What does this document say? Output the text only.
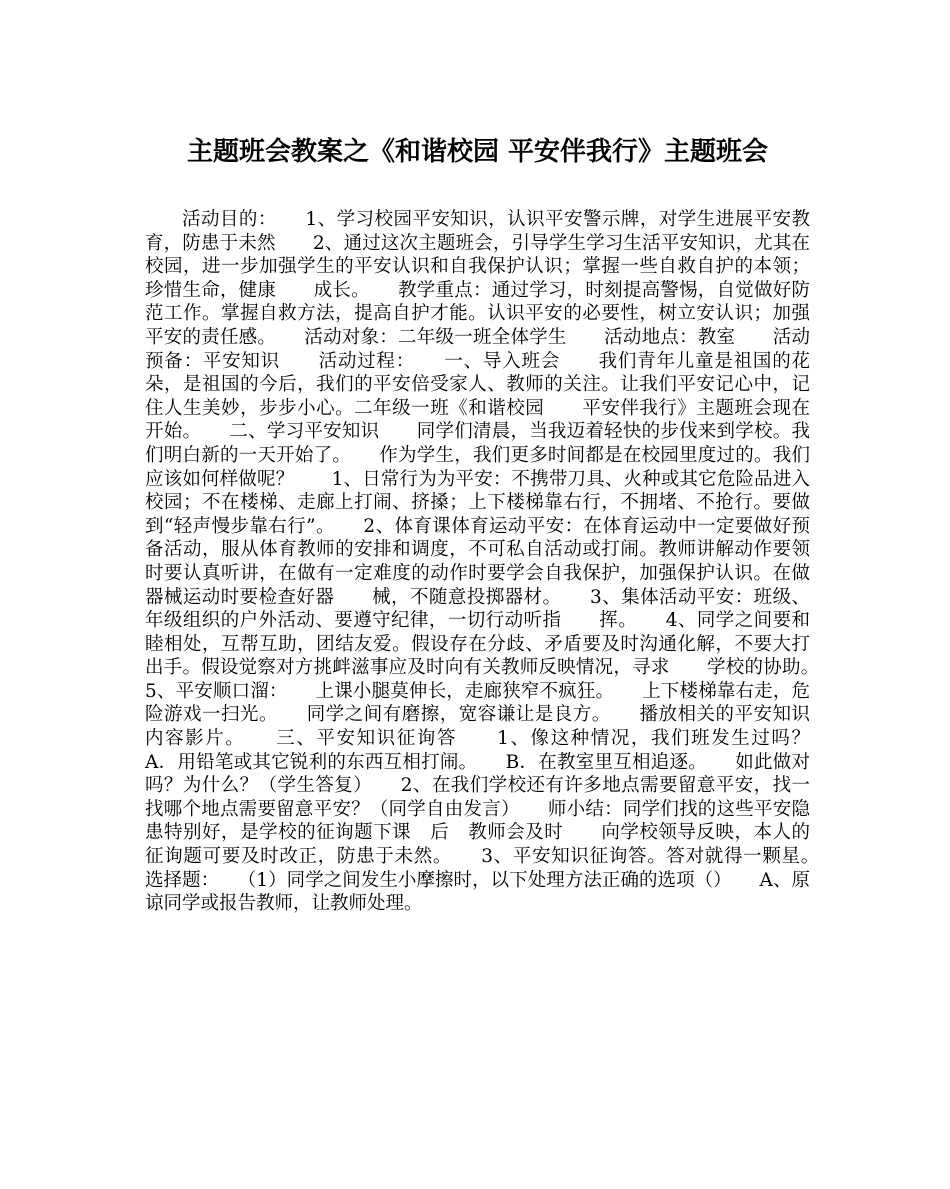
主题班会教案之《和谐校园 平安伴我行》主题班会

活动目的：　　1、学习校园平安知识，认识平安警示牌，对学生进展平安教育，防患于未然　　2、通过这次主题班会，引导学生学习生活平安知识，尤其在校园，进一步加强学生的平安认识和自我保护认识；掌握一些自救自护的本领；珍惜生命，健康　　成长。　　教学重点：通过学习，时刻提高警惕，自觉做好防范工作。掌握自救方法，提高自护才能。认识平安的必要性，树立安认识；加强平安的责任感。　　活动对象：二年级一班全体学生　　活动地点：教室　　活动预备：平安知识　　活动过程：　　一、导入班会　　我们青年儿童是祖国的花朵，是祖国的今后，我们的平安倍受家人、教师的关注。让我们平安记心中，记住人生美妙，步步小心。二年级一班《和谐校园　　平安伴我行》主题班会现在开始。　　二、学习平安知识　　同学们清晨，当我迈着轻快的步伐来到学校。我们明白新的一天开始了。　　作为学生，我们更多时间都是在校园里度过的。我们应该如何样做呢？　　1、日常行为为平安：不携带刀具、火种或其它危险品进入校园；不在楼梯、走廊上打闹、挤搡；上下楼梯靠右行，不拥堵、不抢行。要做到“轻声慢步靠右行”。　　2、体育课体育运动平安：在体育运动中一定要做好预备活动，服从体育教师的安排和调度，不可私自活动或打闹。教师讲解动作要领时要认真听讲，在做有一定难度的动作时要学会自我保护，加强保护认识。在做器械运动时要检查好器　　械，不随意投掷器材。　　3、集体活动平安：班级、年级组织的户外活动、要遵守纪律，一切行动听指　　挥。　　4、同学之间要和睦相处，互帮互助，团结友爱。假设存在分歧、矛盾要及时沟通化解，不要大打出手。假设觉察对方挑衅滋事应及时向有关教师反映情况，寻求　　学校的协助。　　5、平安顺口溜：　　上课小腿莫伸长，走廊狭窄不疯狂。　　上下楼梯靠右走，危险游戏一扫光。　　同学之间有磨擦，宽容谦让是良方。　　播放相关的平安知识内容影片。　　三、平安知识征询答　　1、像这种情况，我们班发生过吗？　　A．用铅笔或其它锐利的东西互相打闹。　　B．在教室里互相追逐。　　如此做对吗？为什么？（学生答复）　　2、在我们学校还有许多地点需要留意平安，找一找哪个地点需要留意平安？（同学自由发言）　　师小结：同学们找的这些平安隐患特别好，是学校的征询题下课　后　教师会及时　　向学校领导反映，本人的征询题可要及时改正，防患于未然。　　3、平安知识征询答。答对就得一颗星。　　选择题：　　（1）同学之间发生小摩擦时，以下处理方法正确的选项（）　　A、原谅同学或报告教师，让教师处理。
